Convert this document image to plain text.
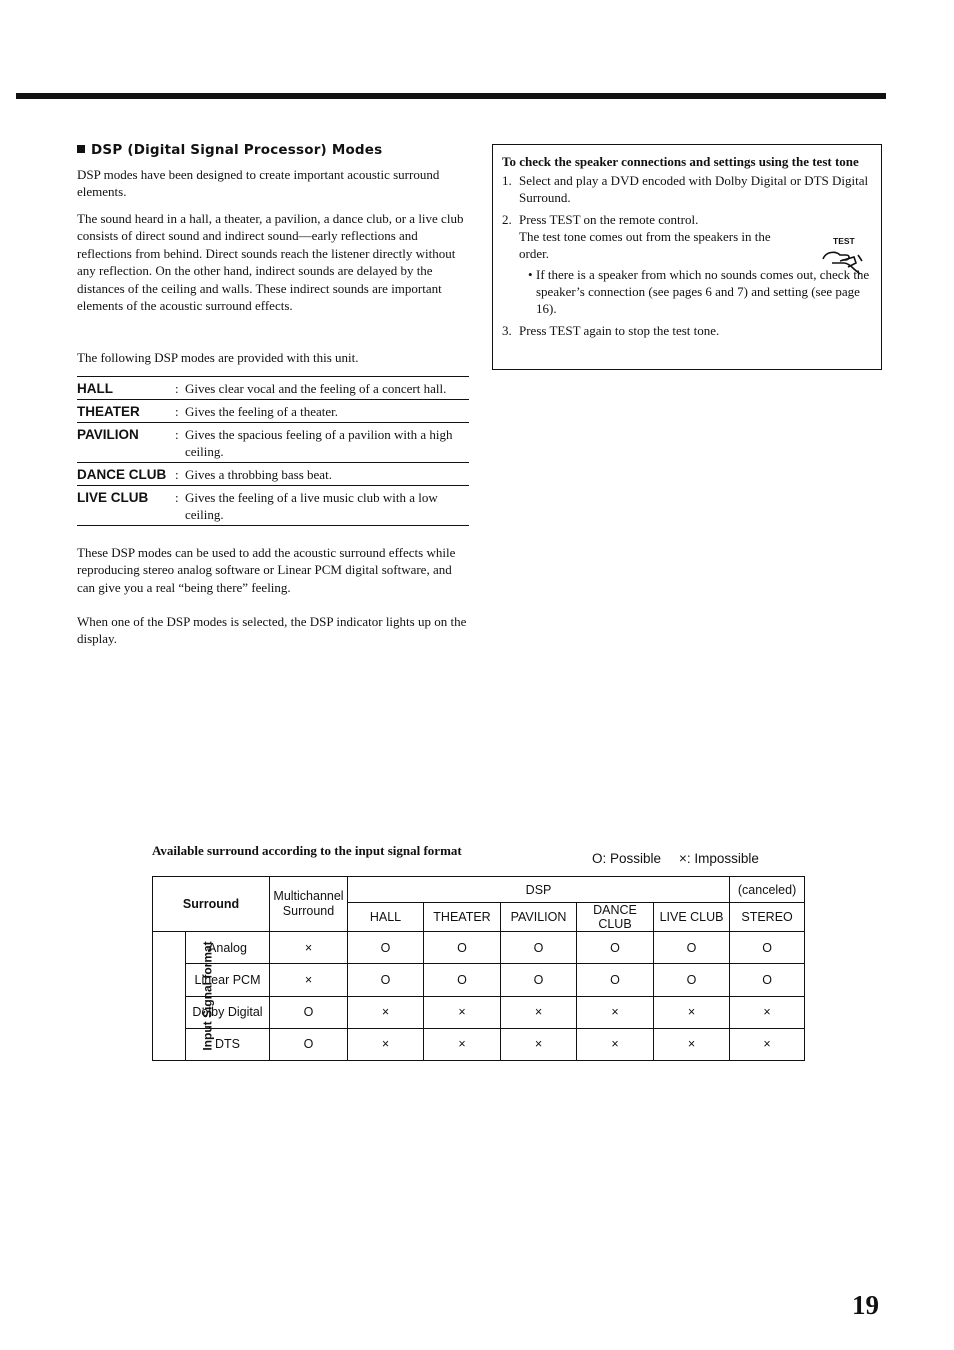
DSP (Digital Signal Processor) Modes

DSP modes have been designed to create important acoustic surround elements.

The sound heard in a hall, a theater, a pavilion, a dance club, or a live club consists of direct sound and indirect sound—early reflections and reflections from behind. Direct sounds reach the listener directly without any reflection. On the other hand, indirect sounds are delayed by the distances of the ceiling and walls. These indirect sounds are important elements of the acoustic surround effects.

The following DSP modes are provided with this unit.

HALL	: Gives clear vocal and the feeling of a concert hall.
THEATER	: Gives the feeling of a theater.
PAVILION	: Gives the spacious feeling of a pavilion with a high ceiling.
DANCE CLUB : Gives a throbbing bass beat.
LIVE CLUB	: Gives the feeling of a live music club with a low ceiling.

These DSP modes can be used to add the acoustic surround effects while reproducing stereo analog software or Linear PCM digital software, and can give you a real “being there” feeling.

When one of the DSP modes is selected, the DSP indicator lights up on the display.

To check the speaker connections and settings using the test tone
1. Select and play a DVD encoded with Dolby Digital or DTS Digital Surround.
2. Press TEST on the remote control.
The test tone comes out from the speakers in the order.
• If there is a speaker from which no sounds comes out, check the speaker’s connection (see pages 6 and 7) and setting (see page 16).
3. Press TEST again to stop the test tone.
TEST
Available surround according to the input signal format
O: Possible ×: Impossible
Surround		Multichannel
Surround	DSP					(canceled)
			HALL	THEATER	PAVILION	DANCE CLUB	LIVE CLUB	STEREO
Input Signal format	Analog	×	O	O	O	O	O	O
	Linear PCM	×	O	O	O	O	O	O
	Dolby Digital	O	×	×	×	×	×	×
	DTS	O	×	×	×	×	×	×
19
